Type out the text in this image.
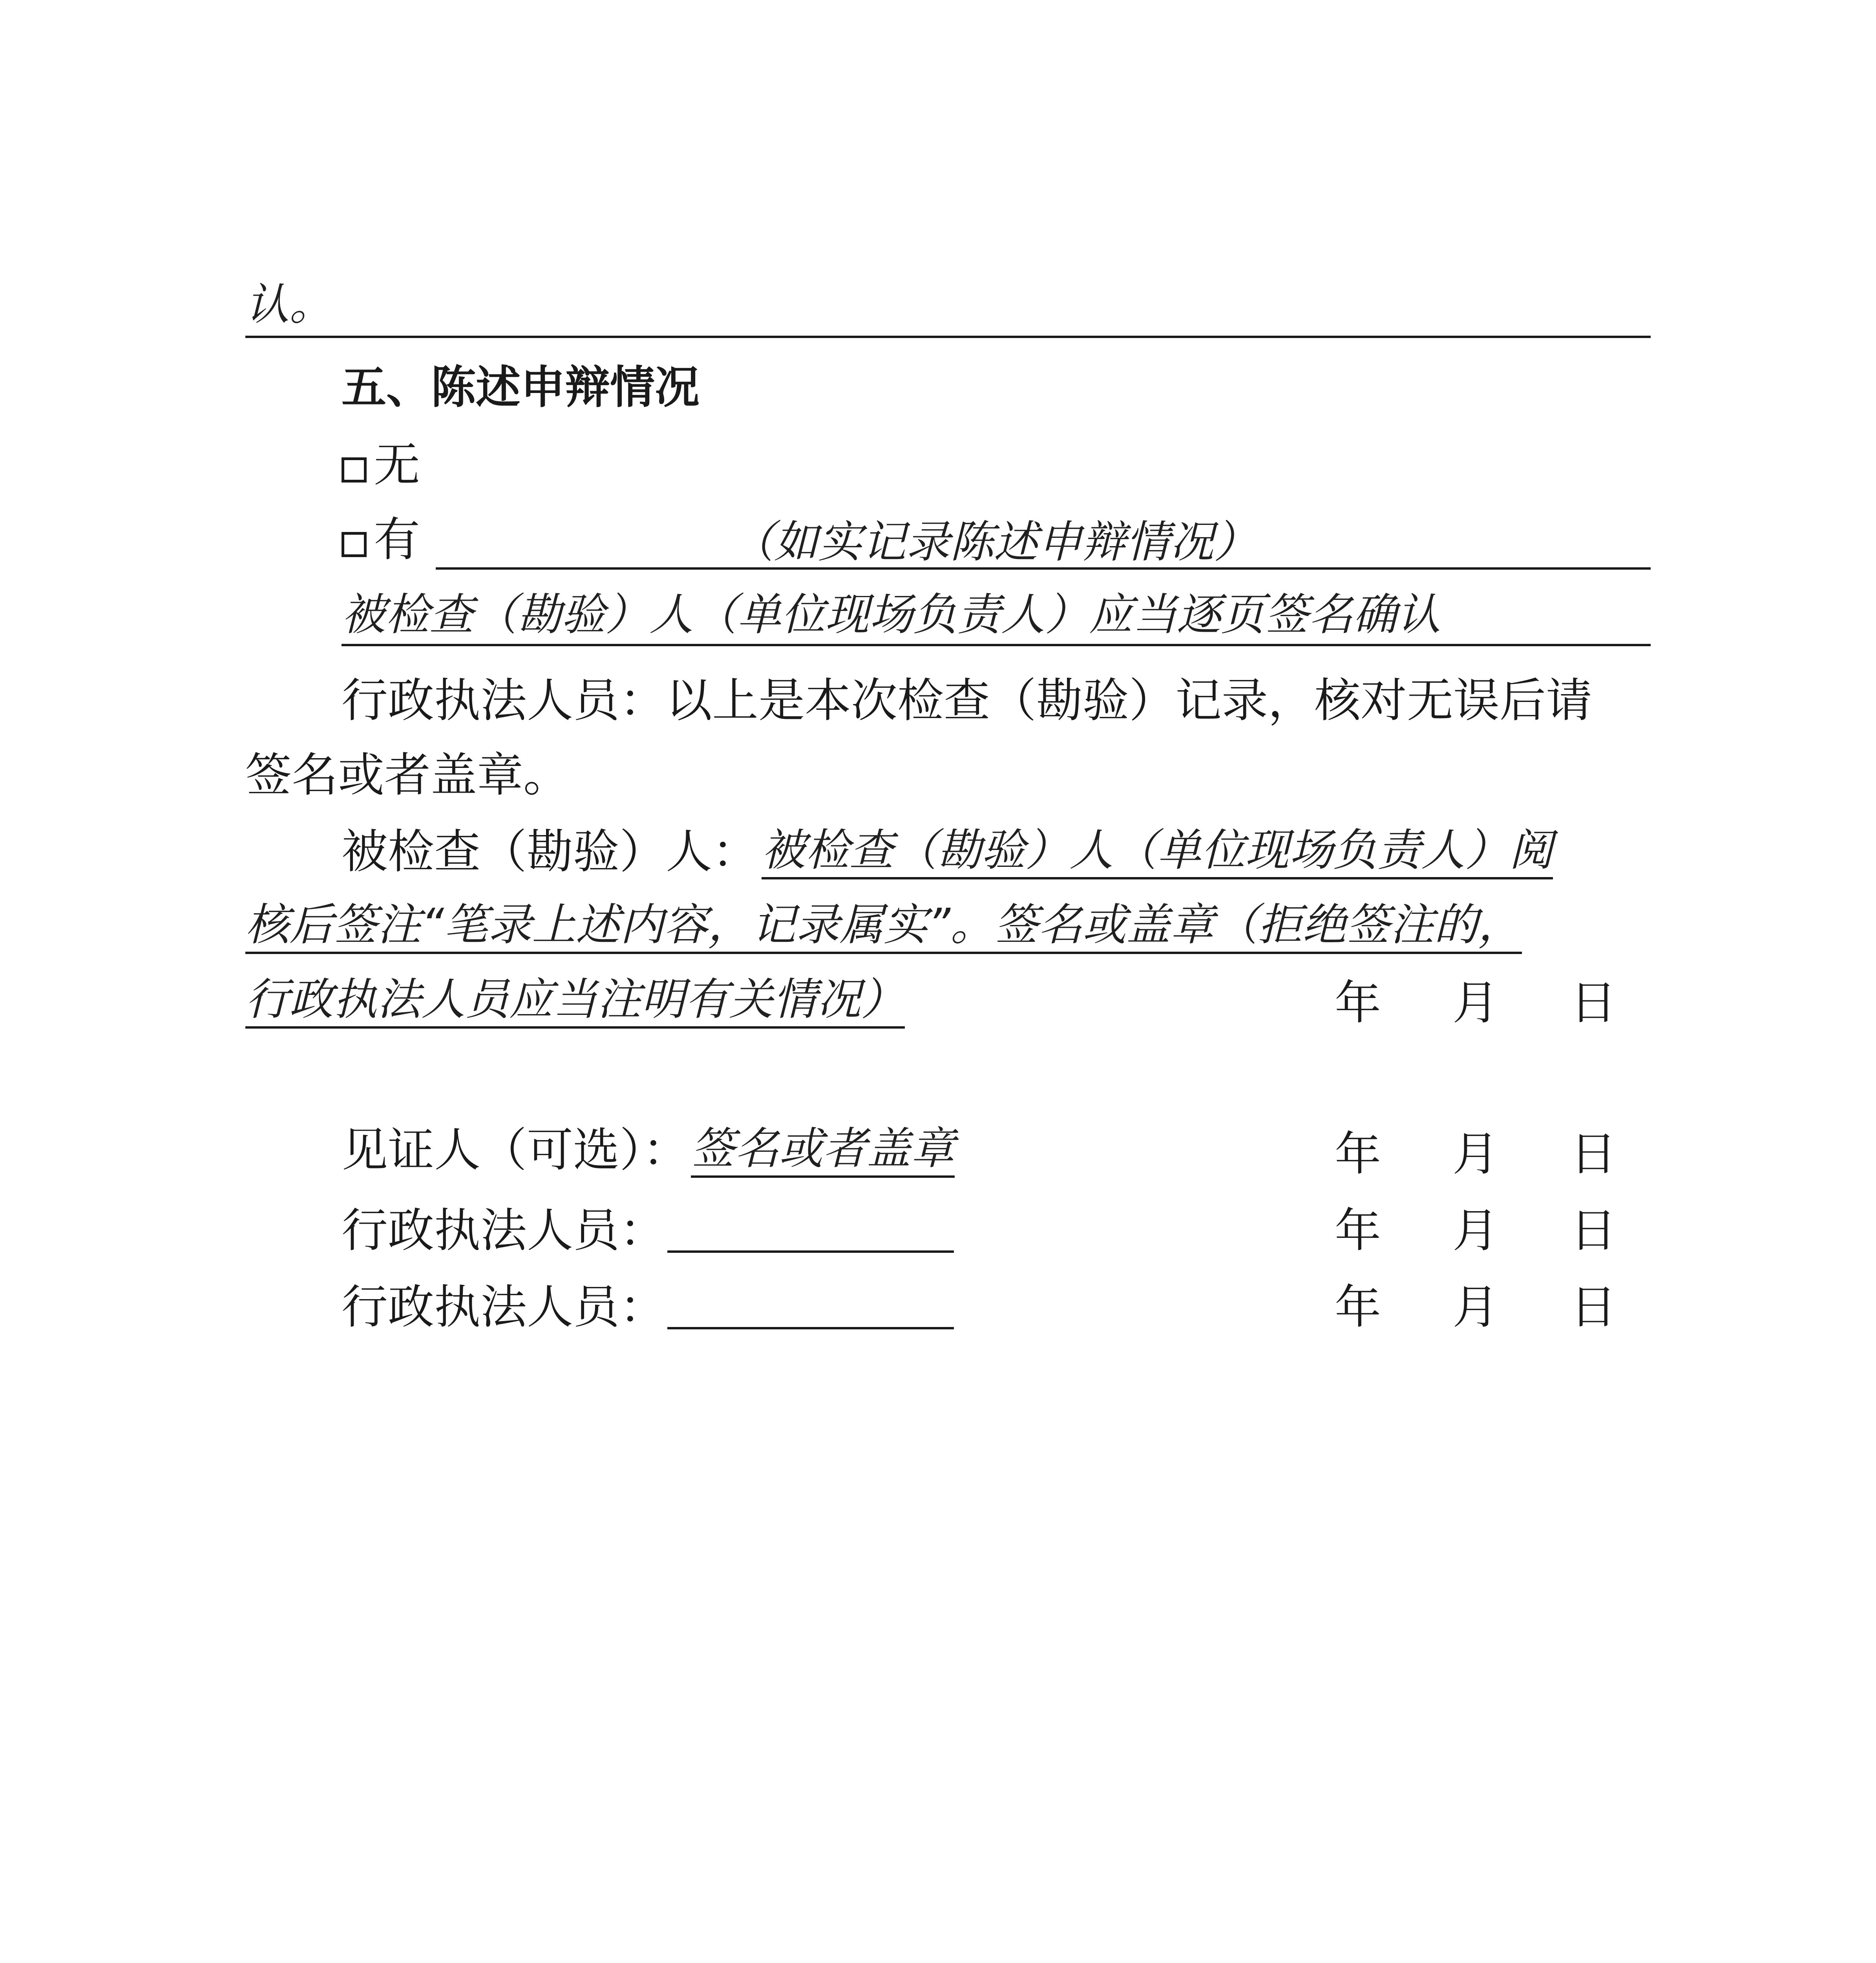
认。
五、陈述申辩情况
无
有	（如实记录陈述申辩情况）
被检查（勘验）人（单位现场负责人）应当逐页签名确认
行政执法人员：以上是本次检查（勘验）记录，核对无误后请
签名或者盖章。
被检查（勘验）人： 被检查（勘验）人（单位现场负责人）阅
核后签注“笔录上述内容，记录属实”。签名或盖章（拒绝签注的，
行政执法人员应当注明有关情况）	年 月 日
见证人（可选）： 签名或者盖章	年 月 日
行政执法人员：	年 月 日
行政执法人员：	年 月 日
